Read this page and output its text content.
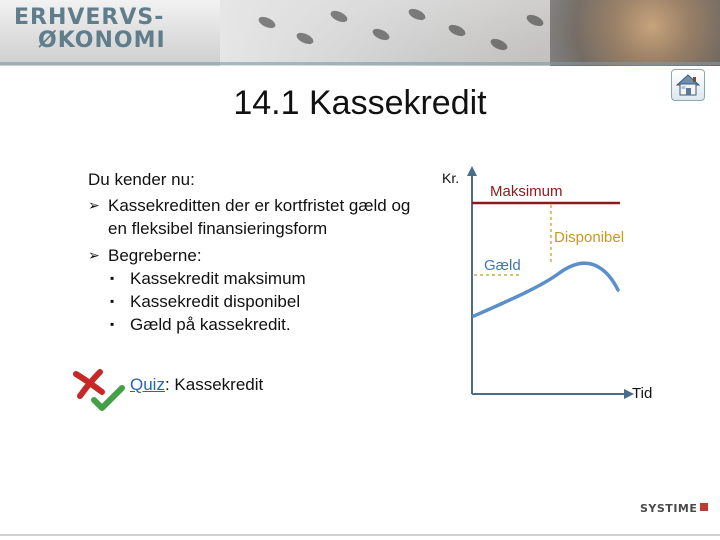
ERHVERVS-
ØKONOMI
14.1 Kassekredit

Du kender nu:

➢ Kassekreditten der er kortfristet gæld og en fleksibel finansieringsform

➢ Begreberne:

▪ Kassekredit maksimum

▪ Kassekredit disponibel

▪ Gæld på kassekredit.

Quiz: Kassekredit
Kr.
Tid
Maksimum
Disponibel
Gæld
SYSTIME
